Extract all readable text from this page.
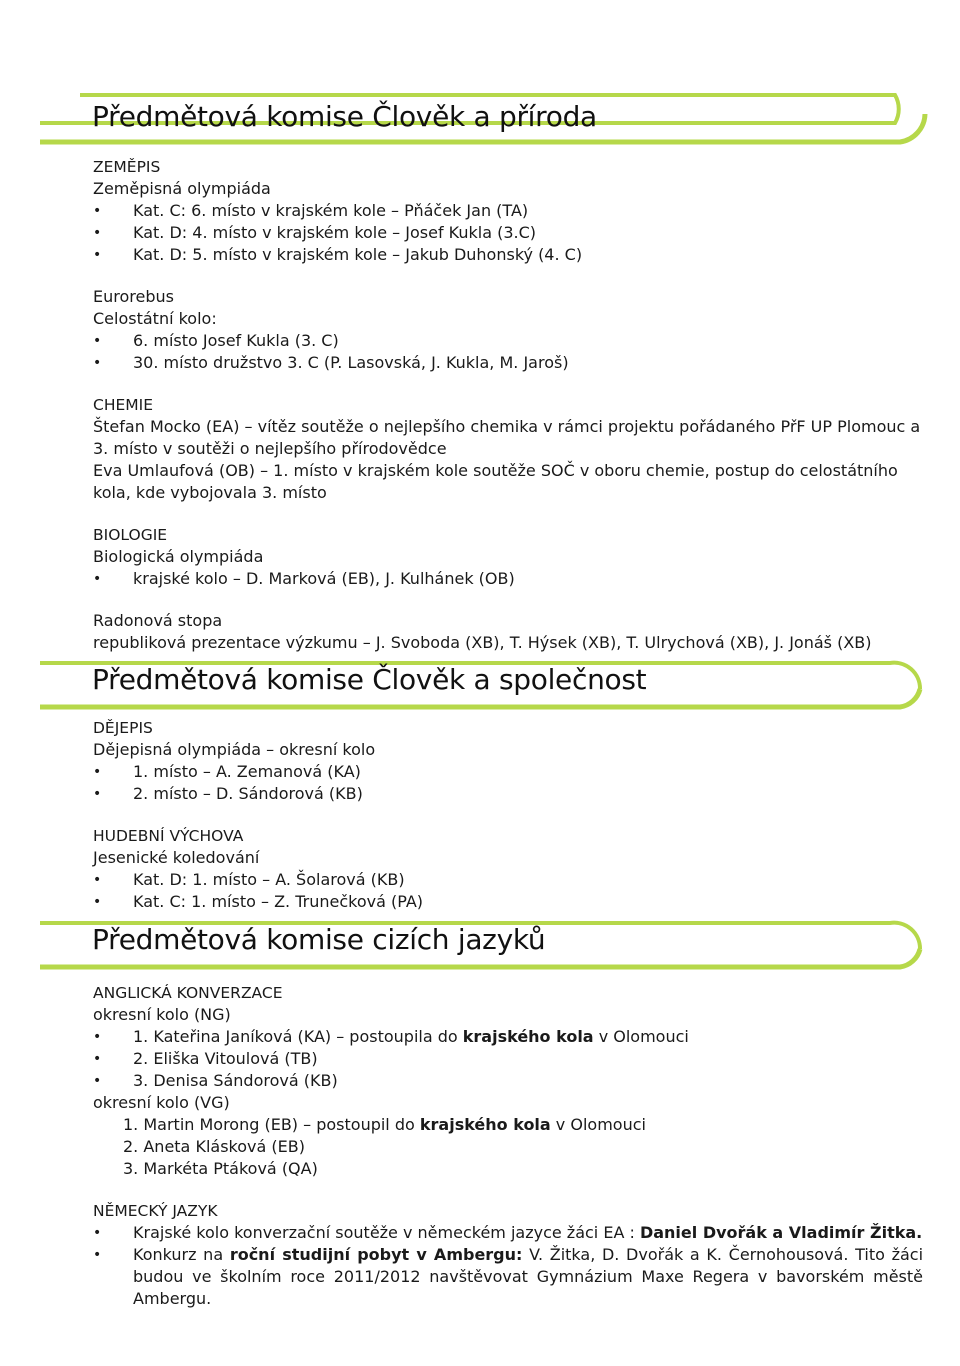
Předmětová komise Člověk a příroda

ZEMĚPIS

Zeměpisná olympiáda

• Kat. C: 6. místo v krajském kole – Pňáček Jan (TA)
• Kat. D: 4. místo v krajském kole – Josef Kukla (3.C)
• Kat. D: 5. místo v krajském kole – Jakub Duhonský (4. C)

Eurorebus

Celostátní kolo:

• 6. místo Josef Kukla (3. C)
• 30. místo družstvo 3. C (P. Lasovská, J. Kukla, M. Jaroš)

CHEMIE

Štefan Mocko (EA) – vítěz soutěže o nejlepšího chemika v rámci projektu pořádaného PřF UP Plomouc a 3. místo v soutěži o nejlepšího přírodovědce

Eva Umlaufová (OB) – 1. místo v krajském kole soutěže SOČ v oboru chemie, postup do celostátního kola, kde vybojovala 3. místo

BIOLOGIE

Biologická olympiáda

• krajské kolo – D. Marková (EB), J. Kulhánek (OB)

Radonová stopa

republiková prezentace výzkumu – J. Svoboda (XB), T. Hýsek (XB), T. Ulrychová (XB), J. Jonáš (XB)

Předmětová komise Člověk a společnost

DĚJEPIS

Dějepisná olympiáda – okresní kolo

• 1. místo – A. Zemanová (KA)
• 2. místo – D. Sándorová (KB)

HUDEBNÍ VÝCHOVA

Jesenické koledování

• Kat. D: 1. místo – A. Šolarová (KB)
• Kat. C: 1. místo – Z. Trunečková (PA)
Předmětová komise cizích jazyků

ANGLICKÁ KONVERZACE

okresní kolo (NG)

• 1. Kateřina Janíková (KA) – postoupila do krajského kola v Olomouci
• 2. Eliška Vitoulová (TB)
• 3. Denisa Sándorová (KB)

okresní kolo (VG)

1. Martin Morong (EB) – postoupil do krajského kola v Olomouci
2. Aneta Klásková (EB)
3. Markéta Ptáková (QA)

NĚMECKÝ JAZYK

• Krajské kolo konverzační soutěže v německém jazyce žáci EA : Daniel Dvořák a Vladimír Žitka.
• Konkurz na roční studijní pobyt v Ambergu: V. Žitka, D. Dvořák a K. Černohousová. Tito žáci budou ve školním roce 2011/2012 navštěvovat Gymnázium Maxe Regera v bavorském městě Ambergu.
